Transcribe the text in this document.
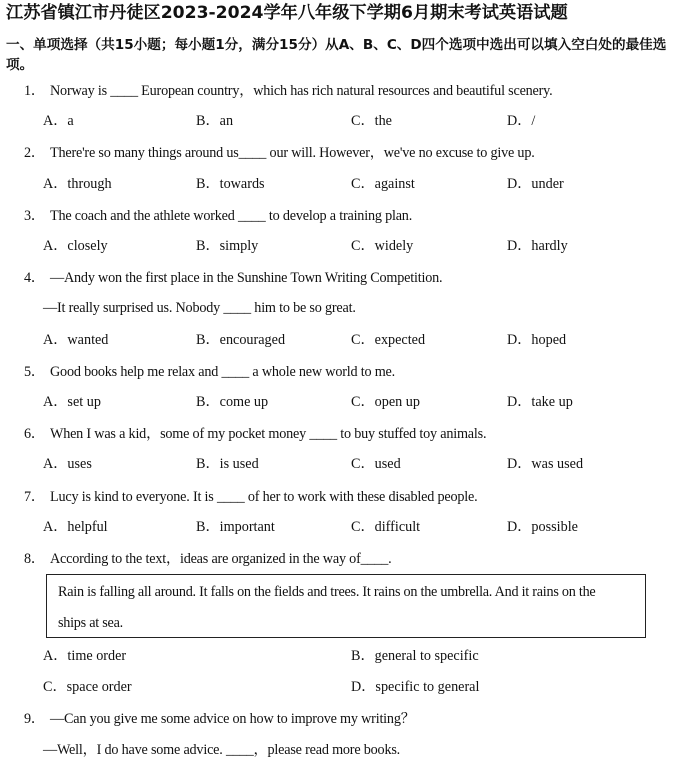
江苏省镇江市丹徒区2023-2024学年八年级下学期6月期末考试英语试题
一、单项选择（共15小题；每小题1分，满分15分）从A、B、C、D四个选项中选出可以填入空白处的最佳选项。
1． Norway is ____ European country，which has rich natural resources and beautiful scenery.
A．a	B．an	C．the	D．/
2． There're so many things around us____ our will. However，we've no excuse to give up.
A．through	B．towards	C．against	D．under
3． The coach and the athlete worked ____ to develop a training plan.
A．closely	B．simply	C．widely	D．hardly
4． —Andy won the first place in the Sunshine Town Writing Competition.
—It really surprised us. Nobody ____ him to be so great.
A．wanted	B．encouraged	C．expected	D．hoped
5． Good books help me relax and ____ a whole new world to me.
A．set up	B．come up	C．open up	D．take up
6． When I was a kid，some of my pocket money ____ to buy stuffed toy animals.
A．uses	B．is used	C．used	D．was used
7． Lucy is kind to everyone. It is ____ of her to work with these disabled people.
A．helpful	B．important	C．difficult	D．possible
8． According to the text，ideas are organized in the way of____.
Rain is falling all around. It falls on the fields and trees. It rains on the umbrella. And it rains on the
ships at sea.
A．time order	B．general to specific
C．space order	D．specific to general
9． —Can you give me some advice on how to improve my writing？
—Well，I do have some advice. ____，please read more books.
